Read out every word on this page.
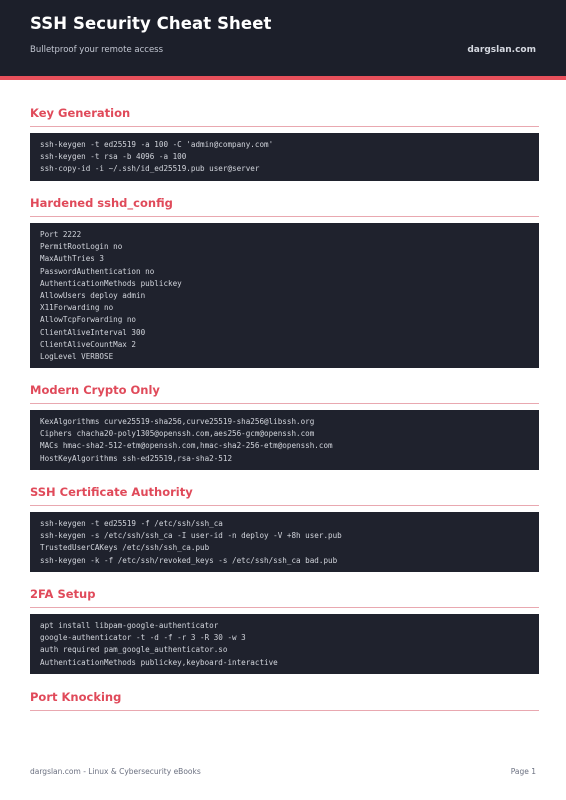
SSH Security Cheat Sheet
Bulletproof your remote access	dargslan.com
Key Generation
ssh-keygen -t ed25519 -a 100 -C 'admin@company.com'
ssh-keygen -t rsa -b 4096 -a 100
ssh-copy-id -i ~/.ssh/id_ed25519.pub user@server
Hardened sshd_config
Port 2222
PermitRootLogin no
MaxAuthTries 3
PasswordAuthentication no
AuthenticationMethods publickey
AllowUsers deploy admin
X11Forwarding no
AllowTcpForwarding no
ClientAliveInterval 300
ClientAliveCountMax 2
LogLevel VERBOSE
Modern Crypto Only
KexAlgorithms curve25519-sha256,curve25519-sha256@libssh.org
Ciphers chacha20-poly1305@openssh.com,aes256-gcm@openssh.com
MACs hmac-sha2-512-etm@openssh.com,hmac-sha2-256-etm@openssh.com
HostKeyAlgorithms ssh-ed25519,rsa-sha2-512
SSH Certificate Authority
ssh-keygen -t ed25519 -f /etc/ssh/ssh_ca
ssh-keygen -s /etc/ssh/ssh_ca -I user-id -n deploy -V +8h user.pub
TrustedUserCAKeys /etc/ssh/ssh_ca.pub
ssh-keygen -k -f /etc/ssh/revoked_keys -s /etc/ssh/ssh_ca bad.pub
2FA Setup
apt install libpam-google-authenticator
google-authenticator -t -d -f -r 3 -R 30 -w 3
auth required pam_google_authenticator.so
AuthenticationMethods publickey,keyboard-interactive
Port Knocking
dargslan.com - Linux & Cybersecurity eBooks	Page 1
